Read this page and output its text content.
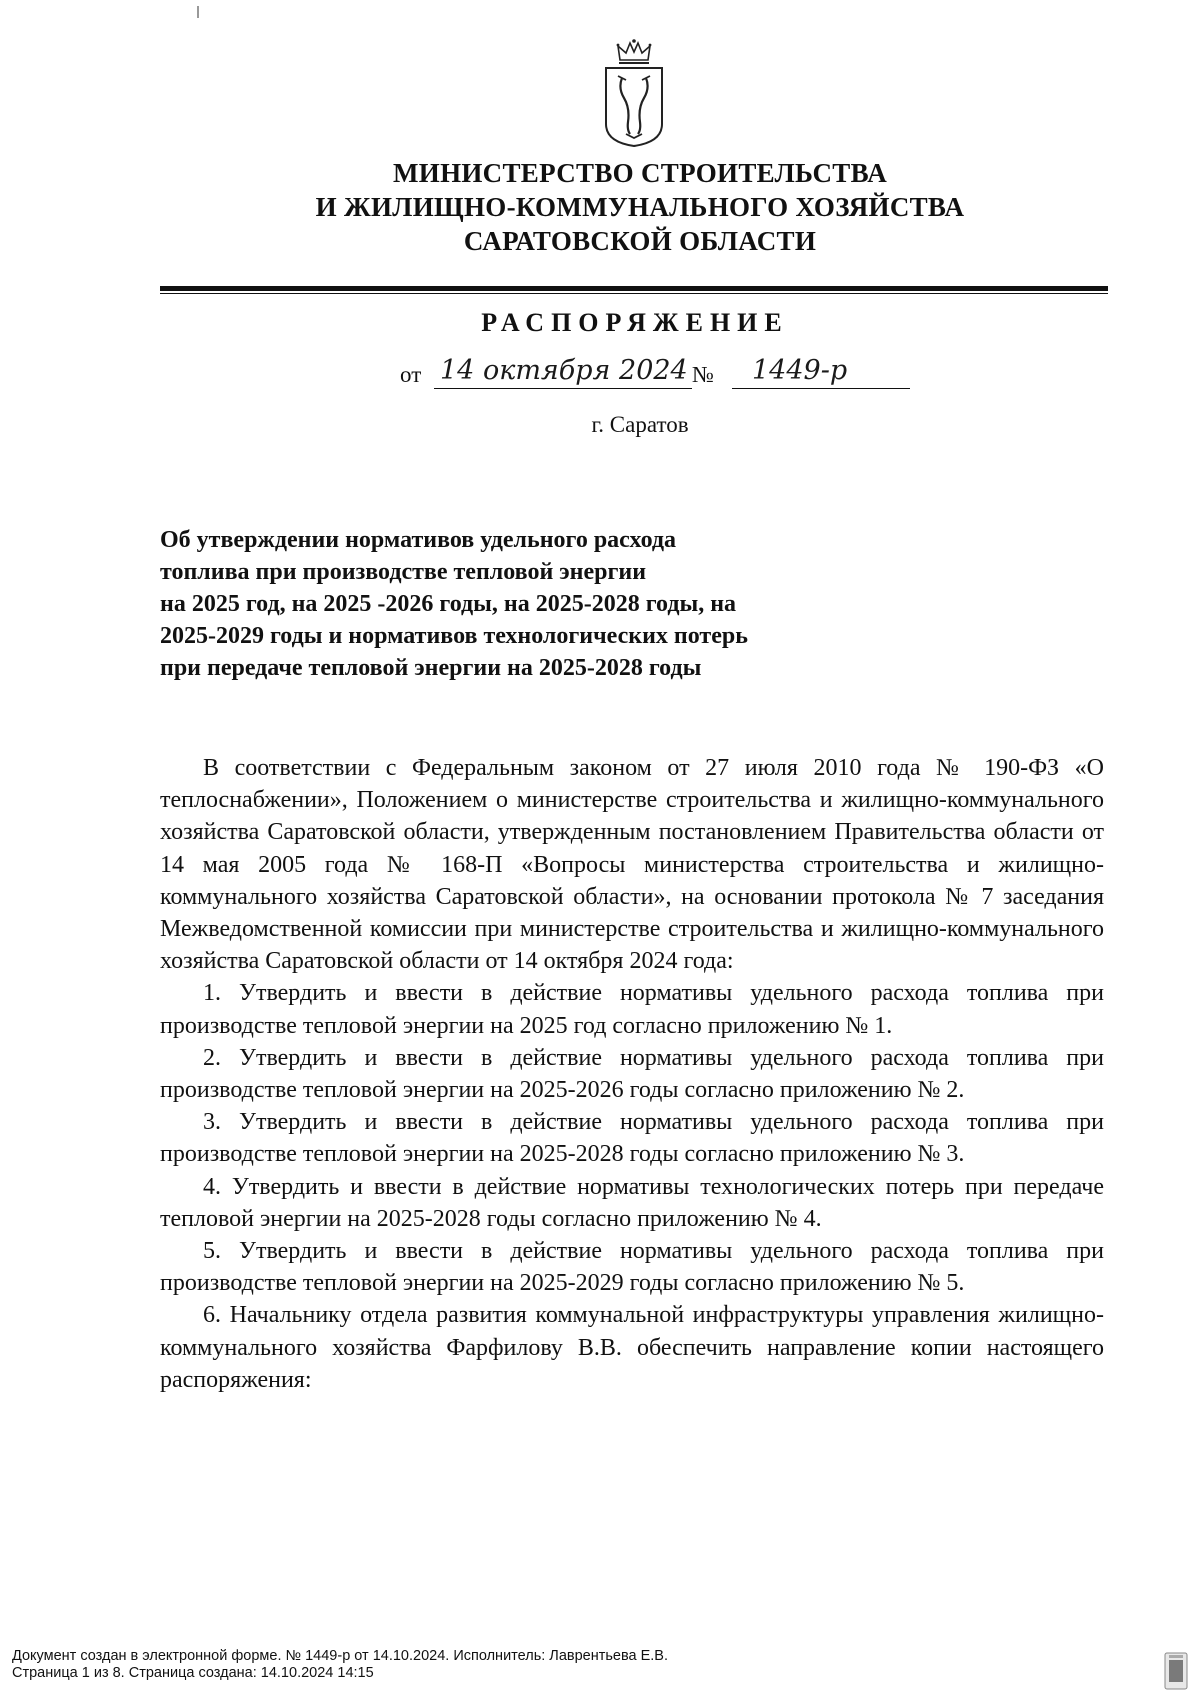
МИНИСТЕРСТВО СТРОИТЕЛЬСТВА
И ЖИЛИЩНО-КОММУНАЛЬНОГО ХОЗЯЙСТВА
САРАТОВСКОЙ ОБЛАСТИ
РАСПОРЯЖЕНИЕ
от 14 октября 2024 № 1449-р
г. Саратов
Об утверждении нормативов удельного расхода
топлива при производстве тепловой энергии
на 2025 год, на 2025 -2026 годы, на 2025-2028 годы, на
2025-2029 годы и нормативов технологических потерь
при передаче тепловой энергии на 2025-2028 годы

В соответствии с Федеральным законом от 27 июля 2010 года № 190-ФЗ «О теплоснабжении», Положением о министерстве строительства и жилищно-коммунального хозяйства Саратовской области, утвержденным постановлением Правительства области от 14 мая 2005 года № 168-П «Вопросы министерства строительства и жилищно-коммунального хозяйства Саратовской области», на основании протокола № 7 заседания Межведомственной комиссии при министерстве строительства и жилищно-коммунального хозяйства Саратовской области от 14 октября 2024 года:

1. Утвердить и ввести в действие нормативы удельного расхода топлива при производстве тепловой энергии на 2025 год согласно приложению № 1.

2. Утвердить и ввести в действие нормативы удельного расхода топлива при производстве тепловой энергии на 2025-2026 годы согласно приложению № 2.

3. Утвердить и ввести в действие нормативы удельного расхода топлива при производстве тепловой энергии на 2025-2028 годы согласно приложению № 3.

4. Утвердить и ввести в действие нормативы технологических потерь при передаче тепловой энергии на 2025-2028 годы согласно приложению № 4.

5. Утвердить и ввести в действие нормативы удельного расхода топлива при производстве тепловой энергии на 2025-2029 годы согласно приложению № 5.

6. Начальнику отдела развития коммунальной инфраструктуры управления жилищно-коммунального хозяйства Фарфилову В.В. обеспечить направление копии настоящего распоряжения:

Документ создан в электронной форме. № 1449-р от 14.10.2024. Исполнитель: Лаврентьева Е.В.
Страница 1 из 8. Страница создана: 14.10.2024 14:15
